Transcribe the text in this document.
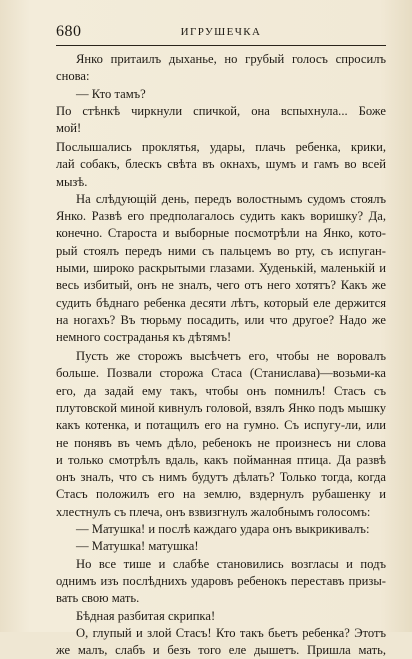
680	ИГРУШЕЧКА
Янко притаилъ дыханье, но грубый голосъ спросилъ
снова:
— Кто тамъ?
По стѣнкѣ чиркнули спичкой, она вспыхнула... Боже
мой!
Послышались проклятья, удары, плачь ребенка, крики,
лай собакъ, блескъ свѣта въ окнахъ, шумъ и гамъ во всей
мызѣ.
На слѣдующій день, передъ волостнымъ судомъ стоялъ
Янко. Развѣ его предполагалось судить какъ воришку? Да,
конечно. Староста и выборные посмотрѣли на Янко, кото-
рый стоялъ передъ ними съ пальцемъ во рту, съ испуган-
ными, широко раскрытыми глазами. Худенькій, маленькій и
весь избитый, онъ не зналъ, чего отъ него хотятъ? Какъ же
судить бѣднаго ребенка десяти лѣтъ, который еле держится
на ногахъ? Въ тюрьму посадить, или что другое? Надо же
немного состраданья къ дѣтямъ!
Пусть же сторожъ высѣчетъ его, чтобы не воровалъ
больше. Позвали сторожа Стаса (Станислава)—возьми-ка
его, да задай ему такъ, чтобы онъ помнилъ! Стасъ съ
плутовской миной кивнулъ головой, взялъ Янко подъ мышку
какъ котенка, и потащилъ его на гумно. Съ испугу-ли, или
не понявъ въ чемъ дѣло, ребенокъ не произнесъ ни слова
и только смотрѣлъ вдаль, какъ пойманная птица. Да развѣ
онъ зналъ, что съ нимъ будутъ дѣлать? Только тогда, когда
Стасъ положилъ его на землю, вздернулъ рубашенку и
хлестнулъ съ плеча, онъ взвизгнулъ жалобнымъ голосомъ:
— Матушка! и послѣ каждаго удара онъ выкрикивалъ:
— Матушка! матушка!
Но все тише и слабѣе становились возгласы и подъ
однимъ изъ послѣднихъ ударовъ ребенокъ переставъ призы-
вать свою мать.
Бѣдная разбитая скрипка!
О, глупый и злой Стасъ! Кто такъ бьетъ ребенка? Этотъ
же малъ, слабъ и безъ того еле дышетъ. Пришла мать,
